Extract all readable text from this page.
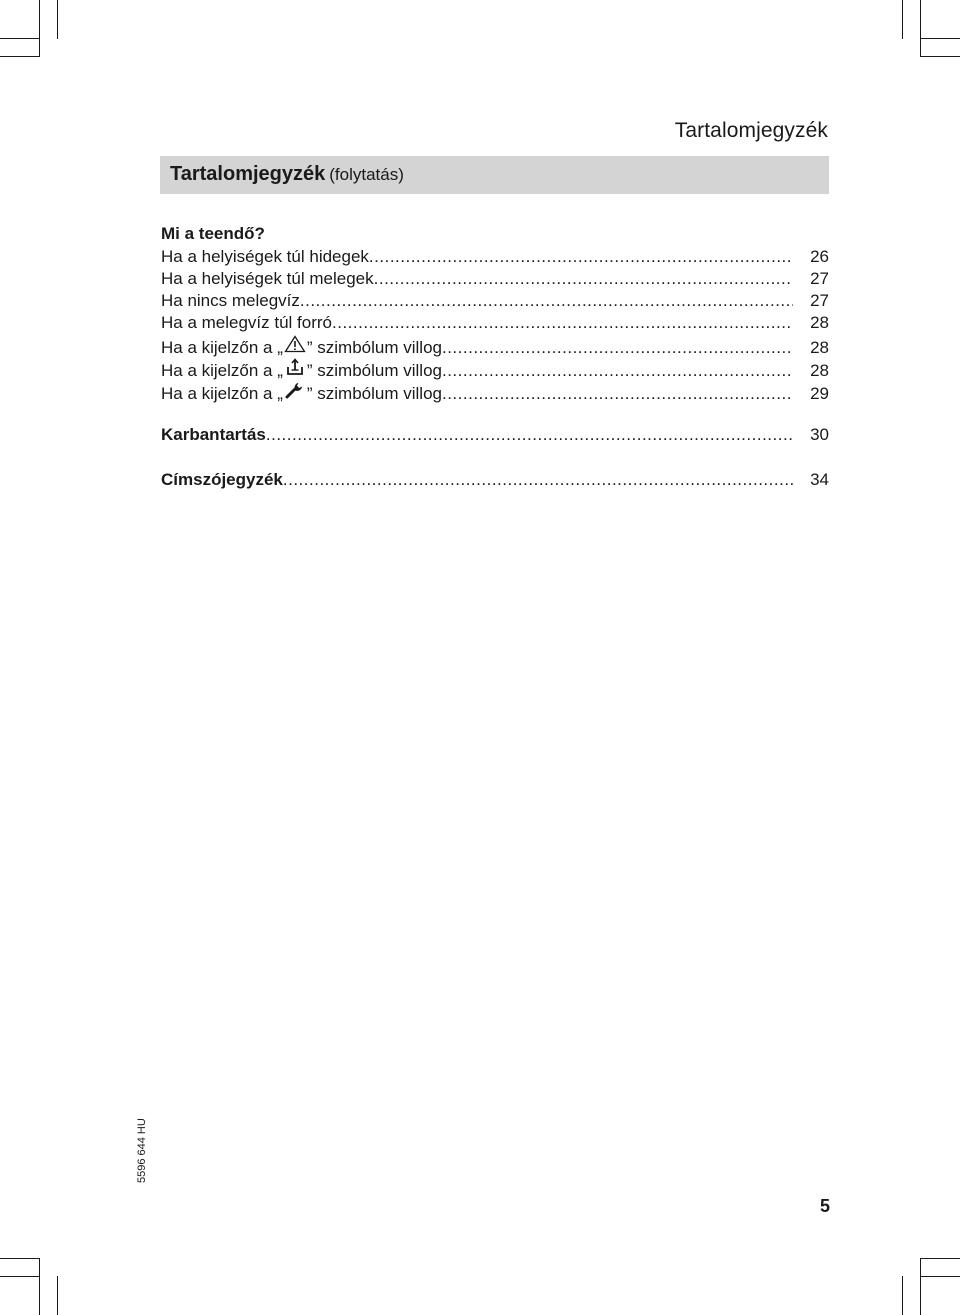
Tartalomjegyzék
Tartalomjegyzék (folytatás)
Mi a teendő?
Ha a helyiségek túl hidegek .....	26
Ha a helyiségek túl melegek .....	27
Ha nincs melegvíz .....	27
Ha a melegvíz túl forró .....	28
Ha a kijelzőn a „ ” szimbólum villog .....	28
Ha a kijelzőn a „ ” szimbólum villog .....	28
Ha a kijelzőn a „ ” szimbólum villog .....	29
Karbantartás .....	30
Címszójegyzék .....	34
5596 644 HU
5
